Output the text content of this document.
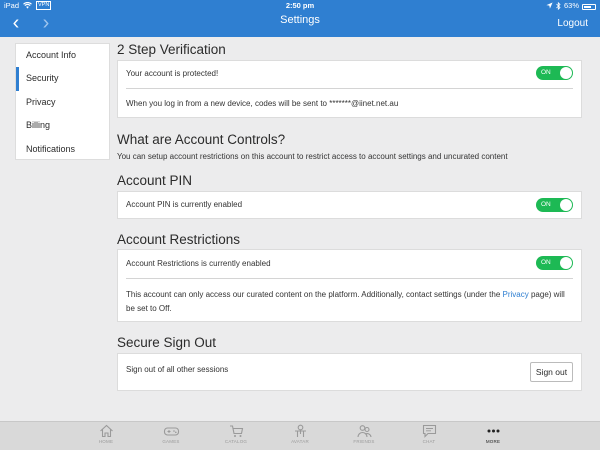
iPad	VPN	2:50 pm	63%
‹	›	Settings	Logout
Account Info
Security
Privacy
Billing
Notifications
2 Step Verification
Your account is protected!	ON
When you log in from a new device, codes will be sent to *******@iinet.net.au
What are Account Controls?
You can setup account restrictions on this account to restrict access to account settings and uncurated content
Account PIN
Account PIN is currently enabled	ON
Account Restrictions
Account Restrictions is currently enabled	ON
This account can only access our curated content on the platform. Additionally, contact settings (under the Privacy page) will be set to Off.
Secure Sign Out
Sign out of all other sessions	Sign out
HOME	GAMES	CATALOG	AVATAR	FRIENDS	CHAT	MORE
